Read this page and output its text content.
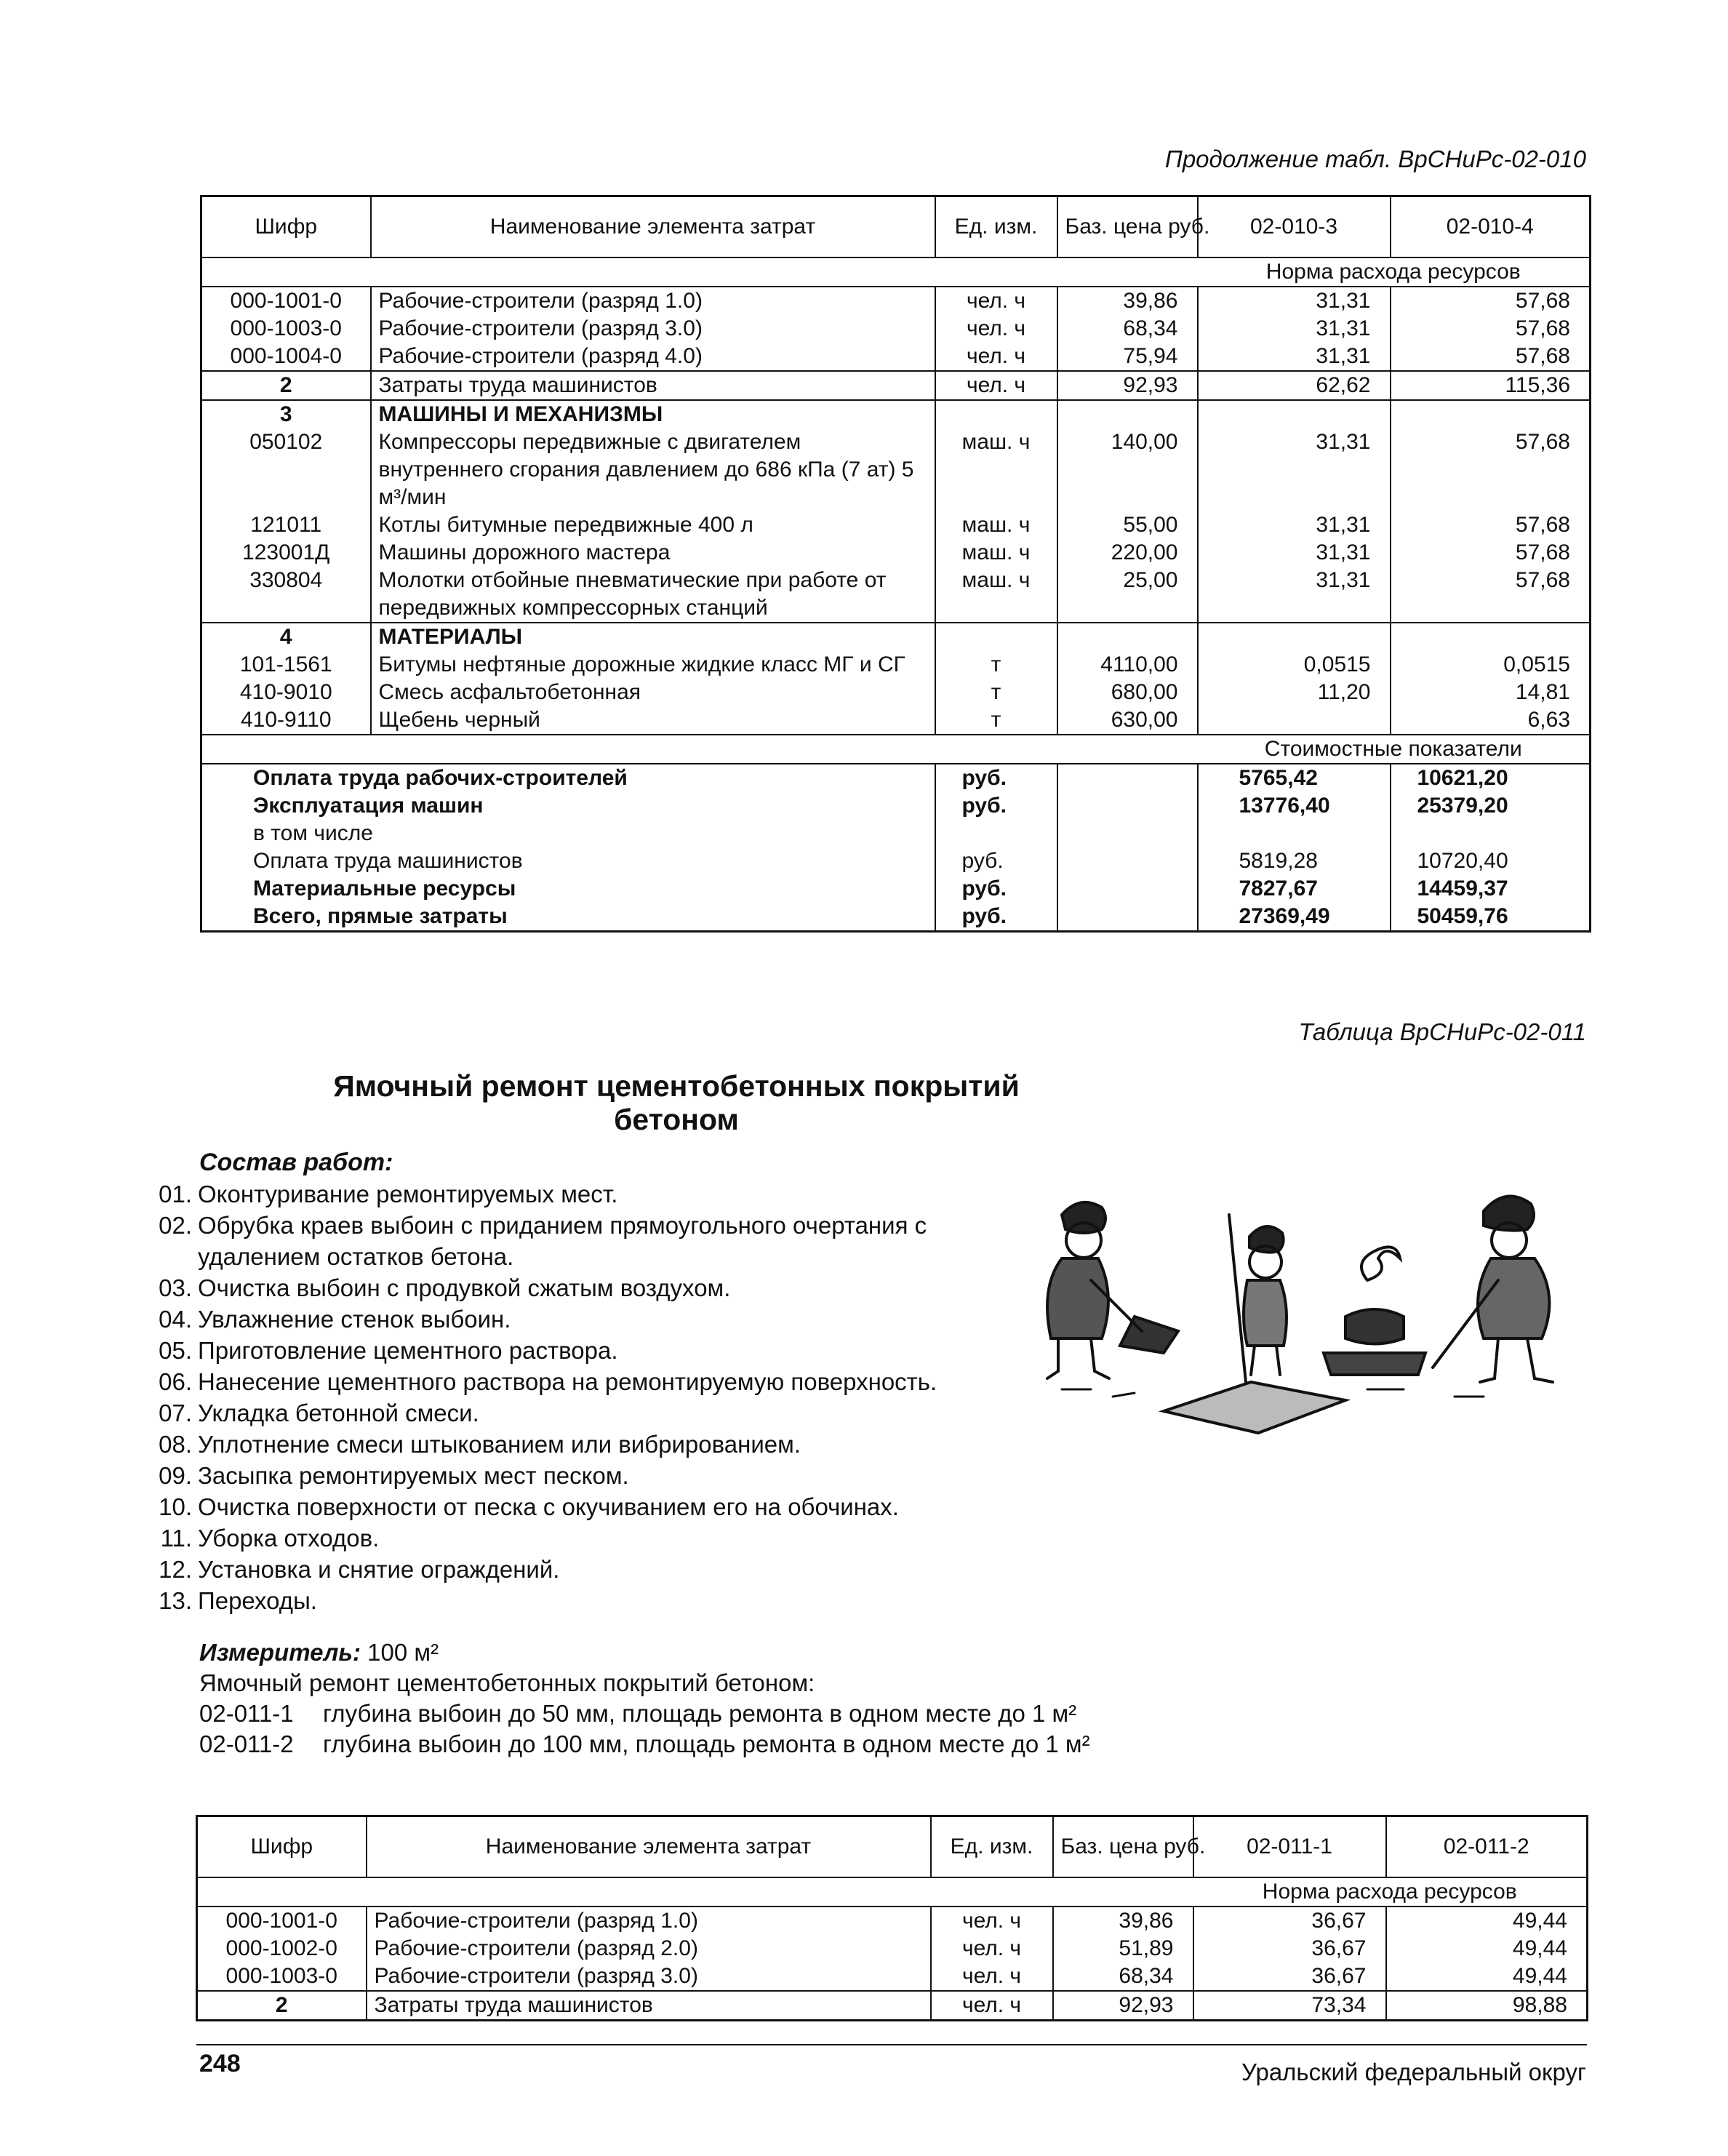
Продолжение табл. ВрСНиРс-02-010
Шифр	Наименование элемента затрат	Ед. изм.	Баз. цена руб.	02-010-3	02-010-4
				Норма расхода ресурсов	
000-1001-0	Рабочие-строители (разряд 1.0)	чел. ч	39,86	31,31	57,68
000-1003-0	Рабочие-строители (разряд 3.0)	чел. ч	68,34	31,31	57,68
000-1004-0	Рабочие-строители (разряд 4.0)	чел. ч	75,94	31,31	57,68
2	Затраты труда машинистов	чел. ч	92,93	62,62	115,36
3	МАШИНЫ И МЕХАНИЗМЫ				
050102	Компрессоры передвижные с двигателем внутреннего сгорания давлением до 686 кПа (7 ат) 5 м³/мин	маш. ч	140,00	31,31	57,68
121011	Котлы битумные передвижные 400 л	маш. ч	55,00	31,31	57,68
123001Д	Машины дорожного мастера	маш. ч	220,00	31,31	57,68
330804	Молотки отбойные пневматические при работе от передвижных компрессорных станций	маш. ч	25,00	31,31	57,68
4	МАТЕРИАЛЫ				
101-1561	Битумы нефтяные дорожные жидкие класс МГ и СГ	т	4110,00	0,0515	0,0515
410-9010	Смесь асфальтобетонная	т	680,00	11,20	14,81
410-9110	Щебень черный	т	630,00		6,63
				Стоимостные показатели	
Оплата труда рабочих-строителей		руб.		5765,42	10621,20
Эксплуатация машин		руб.		13776,40	25379,20
в том числе					
Оплата труда машинистов		руб.		5819,28	10720,40
Материальные ресурсы		руб.		7827,67	14459,37
Всего, прямые затраты		руб.		27369,49	50459,76
Таблица ВрСНиРс-02-011
Ямочный ремонт цементобетонных покрытий
бетоном
Состав работ:
01. Оконтуривание ремонтируемых мест.
02. Обрубка краев выбоин с приданием прямоугольного очертания с удалением остатков бетона.
03. Очистка выбоин с продувкой сжатым воздухом.
04. Увлажнение стенок выбоин.
05. Приготовление цементного раствора.
06. Нанесение цементного раствора на ремонтируемую поверхность.
07. Укладка бетонной смеси.
08. Уплотнение смеси штыкованием или вибрированием.
09. Засыпка ремонтируемых мест песком.
10. Очистка поверхности от песка с окучиванием его на обочинах.
11. Уборка отходов.
12. Установка и снятие ограждений.
13. Переходы.
Измеритель: 100 м²
Ямочный ремонт цементобетонных покрытий бетоном:
02-011-1 глубина выбоин до 50 мм, площадь ремонта в одном месте до 1 м²
02-011-2 глубина выбоин до 100 мм, площадь ремонта в одном месте до 1 м²
Шифр	Наименование элемента затрат	Ед. изм.	Баз. цена руб.	02-011-1	02-011-2
				Норма расхода ресурсов	
000-1001-0	Рабочие-строители (разряд 1.0)	чел. ч	39,86	36,67	49,44
000-1002-0	Рабочие-строители (разряд 2.0)	чел. ч	51,89	36,67	49,44
000-1003-0	Рабочие-строители (разряд 3.0)	чел. ч	68,34	36,67	49,44
2	Затраты труда машинистов	чел. ч	92,93	73,34	98,88
248	Уральский федеральный округ
